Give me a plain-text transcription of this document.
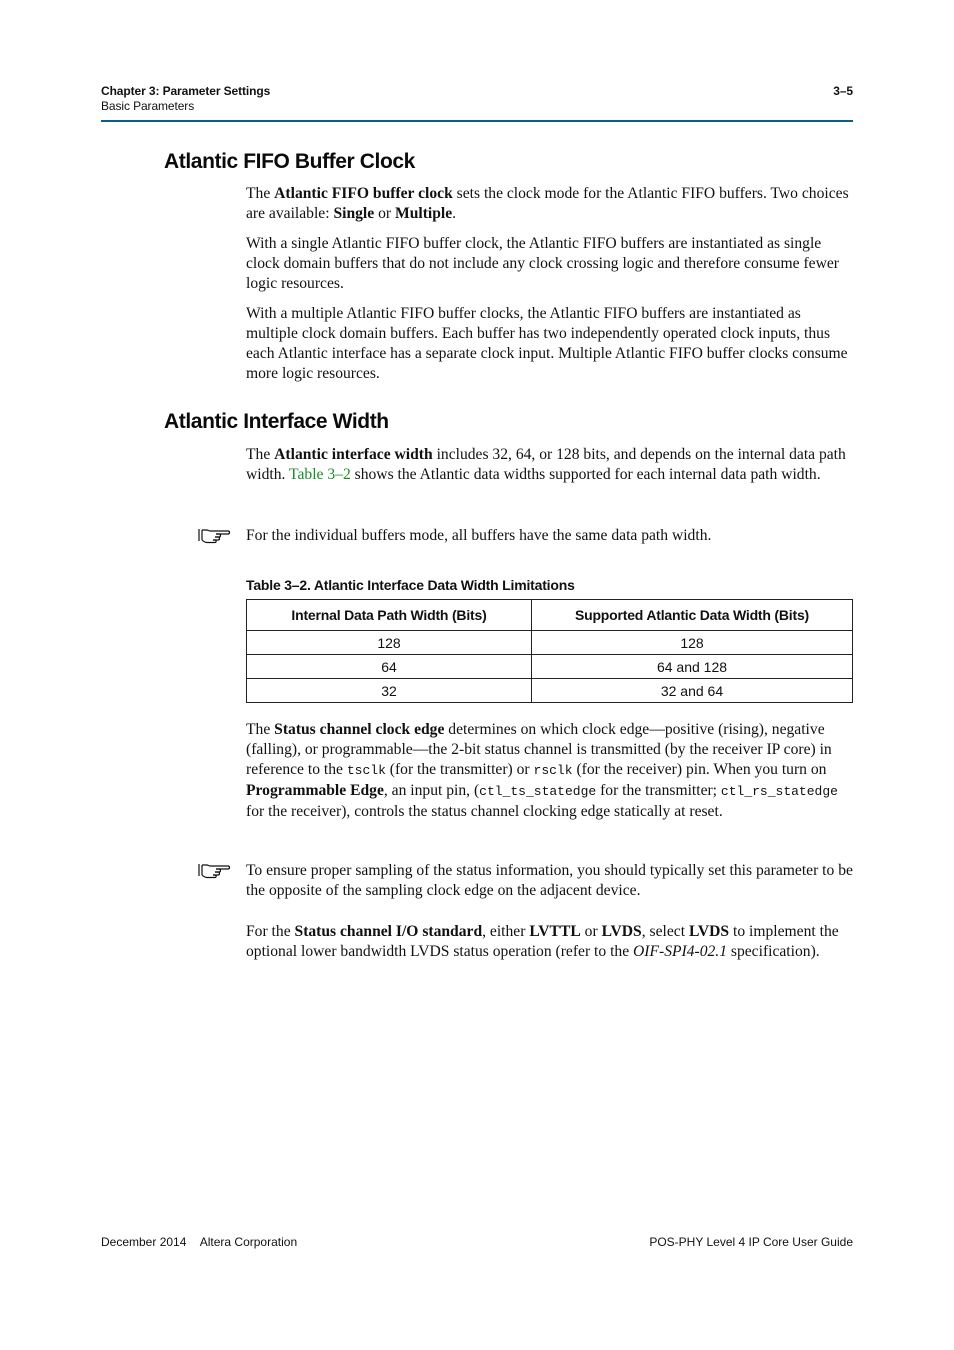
Chapter 3: Parameter Settings
Basic Parameters
3–5
Atlantic FIFO Buffer Clock
The Atlantic FIFO buffer clock sets the clock mode for the Atlantic FIFO buffers. Two choices are available: Single or Multiple.
With a single Atlantic FIFO buffer clock, the Atlantic FIFO buffers are instantiated as single clock domain buffers that do not include any clock crossing logic and therefore consume fewer logic resources.
With a multiple Atlantic FIFO buffer clocks, the Atlantic FIFO buffers are instantiated as multiple clock domain buffers. Each buffer has two independently operated clock inputs, thus each Atlantic interface has a separate clock input. Multiple Atlantic FIFO buffer clocks consume more logic resources.
Atlantic Interface Width
The Atlantic interface width includes 32, 64, or 128 bits, and depends on the internal data path width. Table 3–2 shows the Atlantic data widths supported for each internal data path width.
For the individual buffers mode, all buffers have the same data path width.
Table 3–2. Atlantic Interface Data Width Limitations
Internal Data Path Width (Bits)	Supported Atlantic Data Width (Bits)
128	128
64	64 and 128
32	32 and 64
The Status channel clock edge determines on which clock edge—positive (rising), negative (falling), or programmable—the 2-bit status channel is transmitted (by the receiver IP core) in reference to the tsclk (for the transmitter) or rsclk (for the receiver) pin. When you turn on Programmable Edge, an input pin, (ctl_ts_statedge for the transmitter; ctl_rs_statedge for the receiver), controls the status channel clocking edge statically at reset.
To ensure proper sampling of the status information, you should typically set this parameter to be the opposite of the sampling clock edge on the adjacent device.
For the Status channel I/O standard, either LVTTL or LVDS, select LVDS to implement the optional lower bandwidth LVDS status operation (refer to the OIF-SPI4-02.1 specification).
December 2014 Altera Corporation	POS-PHY Level 4 IP Core User Guide
